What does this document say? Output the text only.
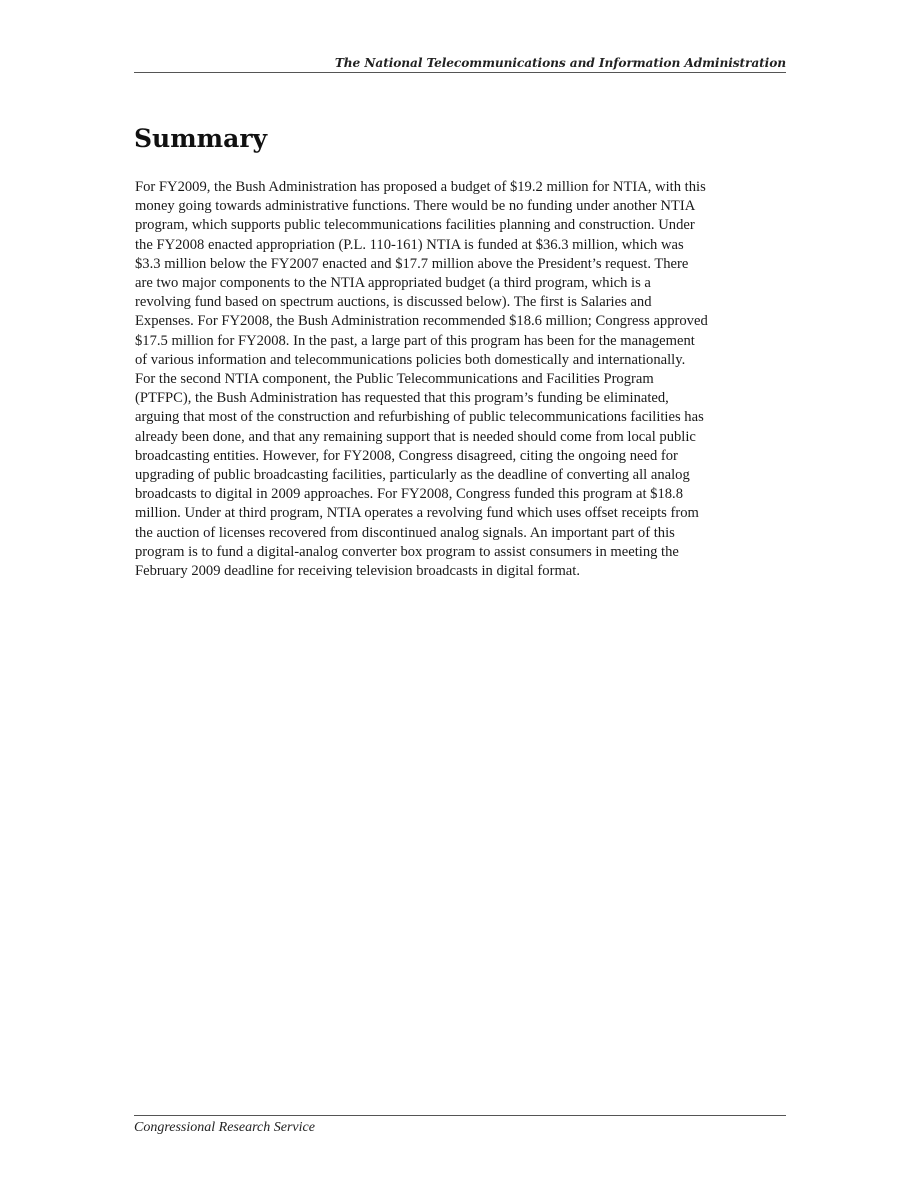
The National Telecommunications and Information Administration
Summary

For FY2009, the Bush Administration has proposed a budget of $19.2 million for NTIA, with this
money going towards administrative functions. There would be no funding under another NTIA
program, which supports public telecommunications facilities planning and construction. Under
the FY2008 enacted appropriation (P.L. 110-161) NTIA is funded at $36.3 million, which was
$3.3 million below the FY2007 enacted and $17.7 million above the President’s request. There
are two major components to the NTIA appropriated budget (a third program, which is a
revolving fund based on spectrum auctions, is discussed below). The first is Salaries and
Expenses. For FY2008, the Bush Administration recommended $18.6 million; Congress approved
$17.5 million for FY2008. In the past, a large part of this program has been for the management
of various information and telecommunications policies both domestically and internationally.
For the second NTIA component, the Public Telecommunications and Facilities Program
(PTFPC), the Bush Administration has requested that this program’s funding be eliminated,
arguing that most of the construction and refurbishing of public telecommunications facilities has
already been done, and that any remaining support that is needed should come from local public
broadcasting entities. However, for FY2008, Congress disagreed, citing the ongoing need for
upgrading of public broadcasting facilities, particularly as the deadline of converting all analog
broadcasts to digital in 2009 approaches. For FY2008, Congress funded this program at $18.8
million. Under at third program, NTIA operates a revolving fund which uses offset receipts from
the auction of licenses recovered from discontinued analog signals. An important part of this
program is to fund a digital-analog converter box program to assist consumers in meeting the
February 2009 deadline for receiving television broadcasts in digital format.

Congressional Research Service
